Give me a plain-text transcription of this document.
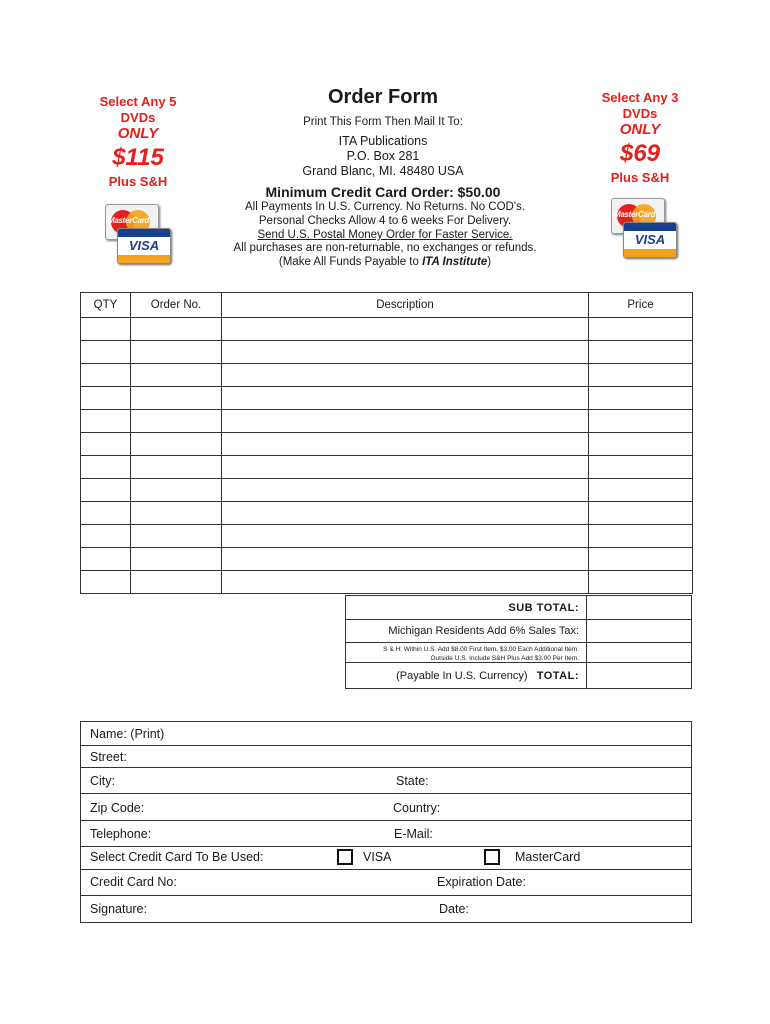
Select Any 5
DVDs
ONLY
$115
Plus S&H
MasterCard
VISA
Select Any 3
DVDs
ONLY
$69
Plus S&H
MasterCard
VISA
Order Form
Print This Form Then Mail It To:
ITA Publications
P.O. Box 281
Grand Blanc, MI. 48480 USA
Minimum Credit Card Order: $50.00
All Payments In U.S. Currency. No Returns. No COD's.
Personal Checks Allow 4 to 6 weeks For Delivery.
Send U.S. Postal Money Order for Faster Service.
All purchases are non-returnable, no exchanges or refunds.
(Make All Funds Payable to ITA Institute)
QTY	Order No.	Description	Price

SUB TOTAL:
Michigan Residents Add 6% Sales Tax:
S & H: Within U.S. Add $8.00 First Item, $3.00 Each Additional Item.
Outside U.S. Include S&H Plus Add $3.00 Per Item.
(Payable In U.S. Currency) TOTAL:
Name: (Print)
Street:
City:	State:
Zip Code:	Country:
Telephone:	E-Mail:
Select Credit Card To Be Used:	VISA	MasterCard
Credit Card No:	Expiration Date:
Signature:	Date:
